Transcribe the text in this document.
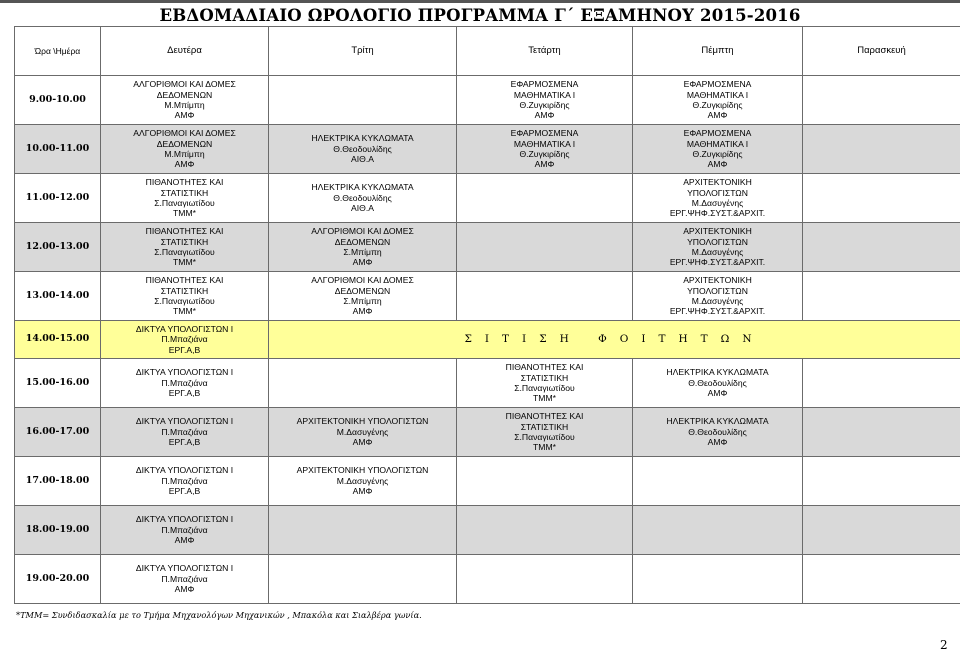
ΕΒΔΟΜΑΔΙΑΙΟ ΩΡΟΛΟΓΙΟ ΠΡΟΓΡΑΜΜΑ Γ΄ ΕΞΑΜΗΝΟΥ 2015-2016
Ώρα \Ημέρα	Δευτέρα	Τρίτη	Τετάρτη	Πέμπτη	Παρασκευή
9.00-10.00	ΑΛΓΟΡΙΘΜΟΙ ΚΑΙ ΔΟΜΕΣ
ΔΕΔΟΜΕΝΩΝ
Μ.Μπίμπη
ΑΜΦ		ΕΦΑΡΜΟΣΜΕΝΑ
ΜΑΘΗΜΑΤΙΚΑ Ι
Θ.Ζυγκιρίδης
ΑΜΦ	ΕΦΑΡΜΟΣΜΕΝΑ
ΜΑΘΗΜΑΤΙΚΑ Ι
Θ.Ζυγκιρίδης
ΑΜΦ	

10.00-11.00	ΑΛΓΟΡΙΘΜΟΙ ΚΑΙ ΔΟΜΕΣ
ΔΕΔΟΜΕΝΩΝ
Μ.Μπίμπη
ΑΜΦ	ΗΛΕΚΤΡΙΚΑ ΚΥΚΛΩΜΑΤΑ
Θ.Θεοδουλίδης
ΑΙΘ.Α	ΕΦΑΡΜΟΣΜΕΝΑ
ΜΑΘΗΜΑΤΙΚΑ Ι
Θ.Ζυγκιρίδης
ΑΜΦ	ΕΦΑΡΜΟΣΜΕΝΑ
ΜΑΘΗΜΑΤΙΚΑ Ι
Θ.Ζυγκιρίδης
ΑΜΦ	

11.00-12.00	ΠΙΘΑΝΟΤΗΤΕΣ ΚΑΙ
ΣΤΑΤΙΣΤΙΚΗ
Σ.Παναγιωτίδου
ΤΜΜ*	ΗΛΕΚΤΡΙΚΑ ΚΥΚΛΩΜΑΤΑ
Θ.Θεοδουλίδης
ΑΙΘ.Α		ΑΡΧΙΤΕΚΤΟΝΙΚΗ
ΥΠΟΛΟΓΙΣΤΩΝ
Μ.Δασυγένης
ΕΡΓ.ΨΗΦ.ΣΥΣΤ.&ΑΡΧΙΤ.	

12.00-13.00	ΠΙΘΑΝΟΤΗΤΕΣ ΚΑΙ
ΣΤΑΤΙΣΤΙΚΗ
Σ.Παναγιωτίδου
ΤΜΜ*	ΑΛΓΟΡΙΘΜΟΙ ΚΑΙ ΔΟΜΕΣ
ΔΕΔΟΜΕΝΩΝ
Σ.Μπίμπη
ΑΜΦ		ΑΡΧΙΤΕΚΤΟΝΙΚΗ
ΥΠΟΛΟΓΙΣΤΩΝ
Μ.Δασυγένης
ΕΡΓ.ΨΗΦ.ΣΥΣΤ.&ΑΡΧΙΤ.	

13.00-14.00	ΠΙΘΑΝΟΤΗΤΕΣ ΚΑΙ
ΣΤΑΤΙΣΤΙΚΗ
Σ.Παναγιωτίδου
ΤΜΜ*	ΑΛΓΟΡΙΘΜΟΙ ΚΑΙ ΔΟΜΕΣ
ΔΕΔΟΜΕΝΩΝ
Σ.Μπίμπη
ΑΜΦ		ΑΡΧΙΤΕΚΤΟΝΙΚΗ
ΥΠΟΛΟΓΙΣΤΩΝ
Μ.Δασυγένης
ΕΡΓ.ΨΗΦ.ΣΥΣΤ.&ΑΡΧΙΤ.	

14.00-15.00	ΔΙΚΤΥΑ ΥΠΟΛΟΓΙΣΤΩΝ Ι
Π.Μπαζιάνα
ΕΡΓ.Α,Β	ΣΙΤΙΣΗ ΦΟΙΤΗΤΩΝ			
15.00-16.00	ΔΙΚΤΥΑ ΥΠΟΛΟΓΙΣΤΩΝ Ι
Π.Μπαζιάνα
ΕΡΓ.Α,Β		ΠΙΘΑΝΟΤΗΤΕΣ ΚΑΙ
ΣΤΑΤΙΣΤΙΚΗ
Σ.Παναγιωτίδου
ΤΜΜ*	ΗΛΕΚΤΡΙΚΑ ΚΥΚΛΩΜΑΤΑ
Θ.Θεοδουλίδης
ΑΜΦ	

16.00-17.00	ΔΙΚΤΥΑ ΥΠΟΛΟΓΙΣΤΩΝ Ι
Π.Μπαζιάνα
ΕΡΓ.Α,Β	ΑΡΧΙΤΕΚΤΟΝΙΚΗ ΥΠΟΛΟΓΙΣΤΩΝ
Μ.Δασυγένης
ΑΜΦ	ΠΙΘΑΝΟΤΗΤΕΣ ΚΑΙ
ΣΤΑΤΙΣΤΙΚΗ
Σ.Παναγιωτίδου
ΤΜΜ*	ΗΛΕΚΤΡΙΚΑ ΚΥΚΛΩΜΑΤΑ
Θ.Θεοδουλίδης
ΑΜΦ	

17.00-18.00	ΔΙΚΤΥΑ ΥΠΟΛΟΓΙΣΤΩΝ Ι
Π.Μπαζιάνα
ΕΡΓ.Α,Β	ΑΡΧΙΤΕΚΤΟΝΙΚΗ ΥΠΟΛΟΓΙΣΤΩΝ
Μ.Δασυγένης
ΑΜΦ			

18.00-19.00	ΔΙΚΤΥΑ ΥΠΟΛΟΓΙΣΤΩΝ Ι
Π.Μπαζιάνα
ΑΜΦ				

19.00-20.00	ΔΙΚΤΥΑ ΥΠΟΛΟΓΙΣΤΩΝ Ι
Π.Μπαζιάνα
ΑΜΦ				

*ΤΜΜ= Συνδιδασκαλία με το Τμήμα Μηχανολόγων Μηχανικών , Μπακόλα και Σιαλβέρα γωνία.
2
